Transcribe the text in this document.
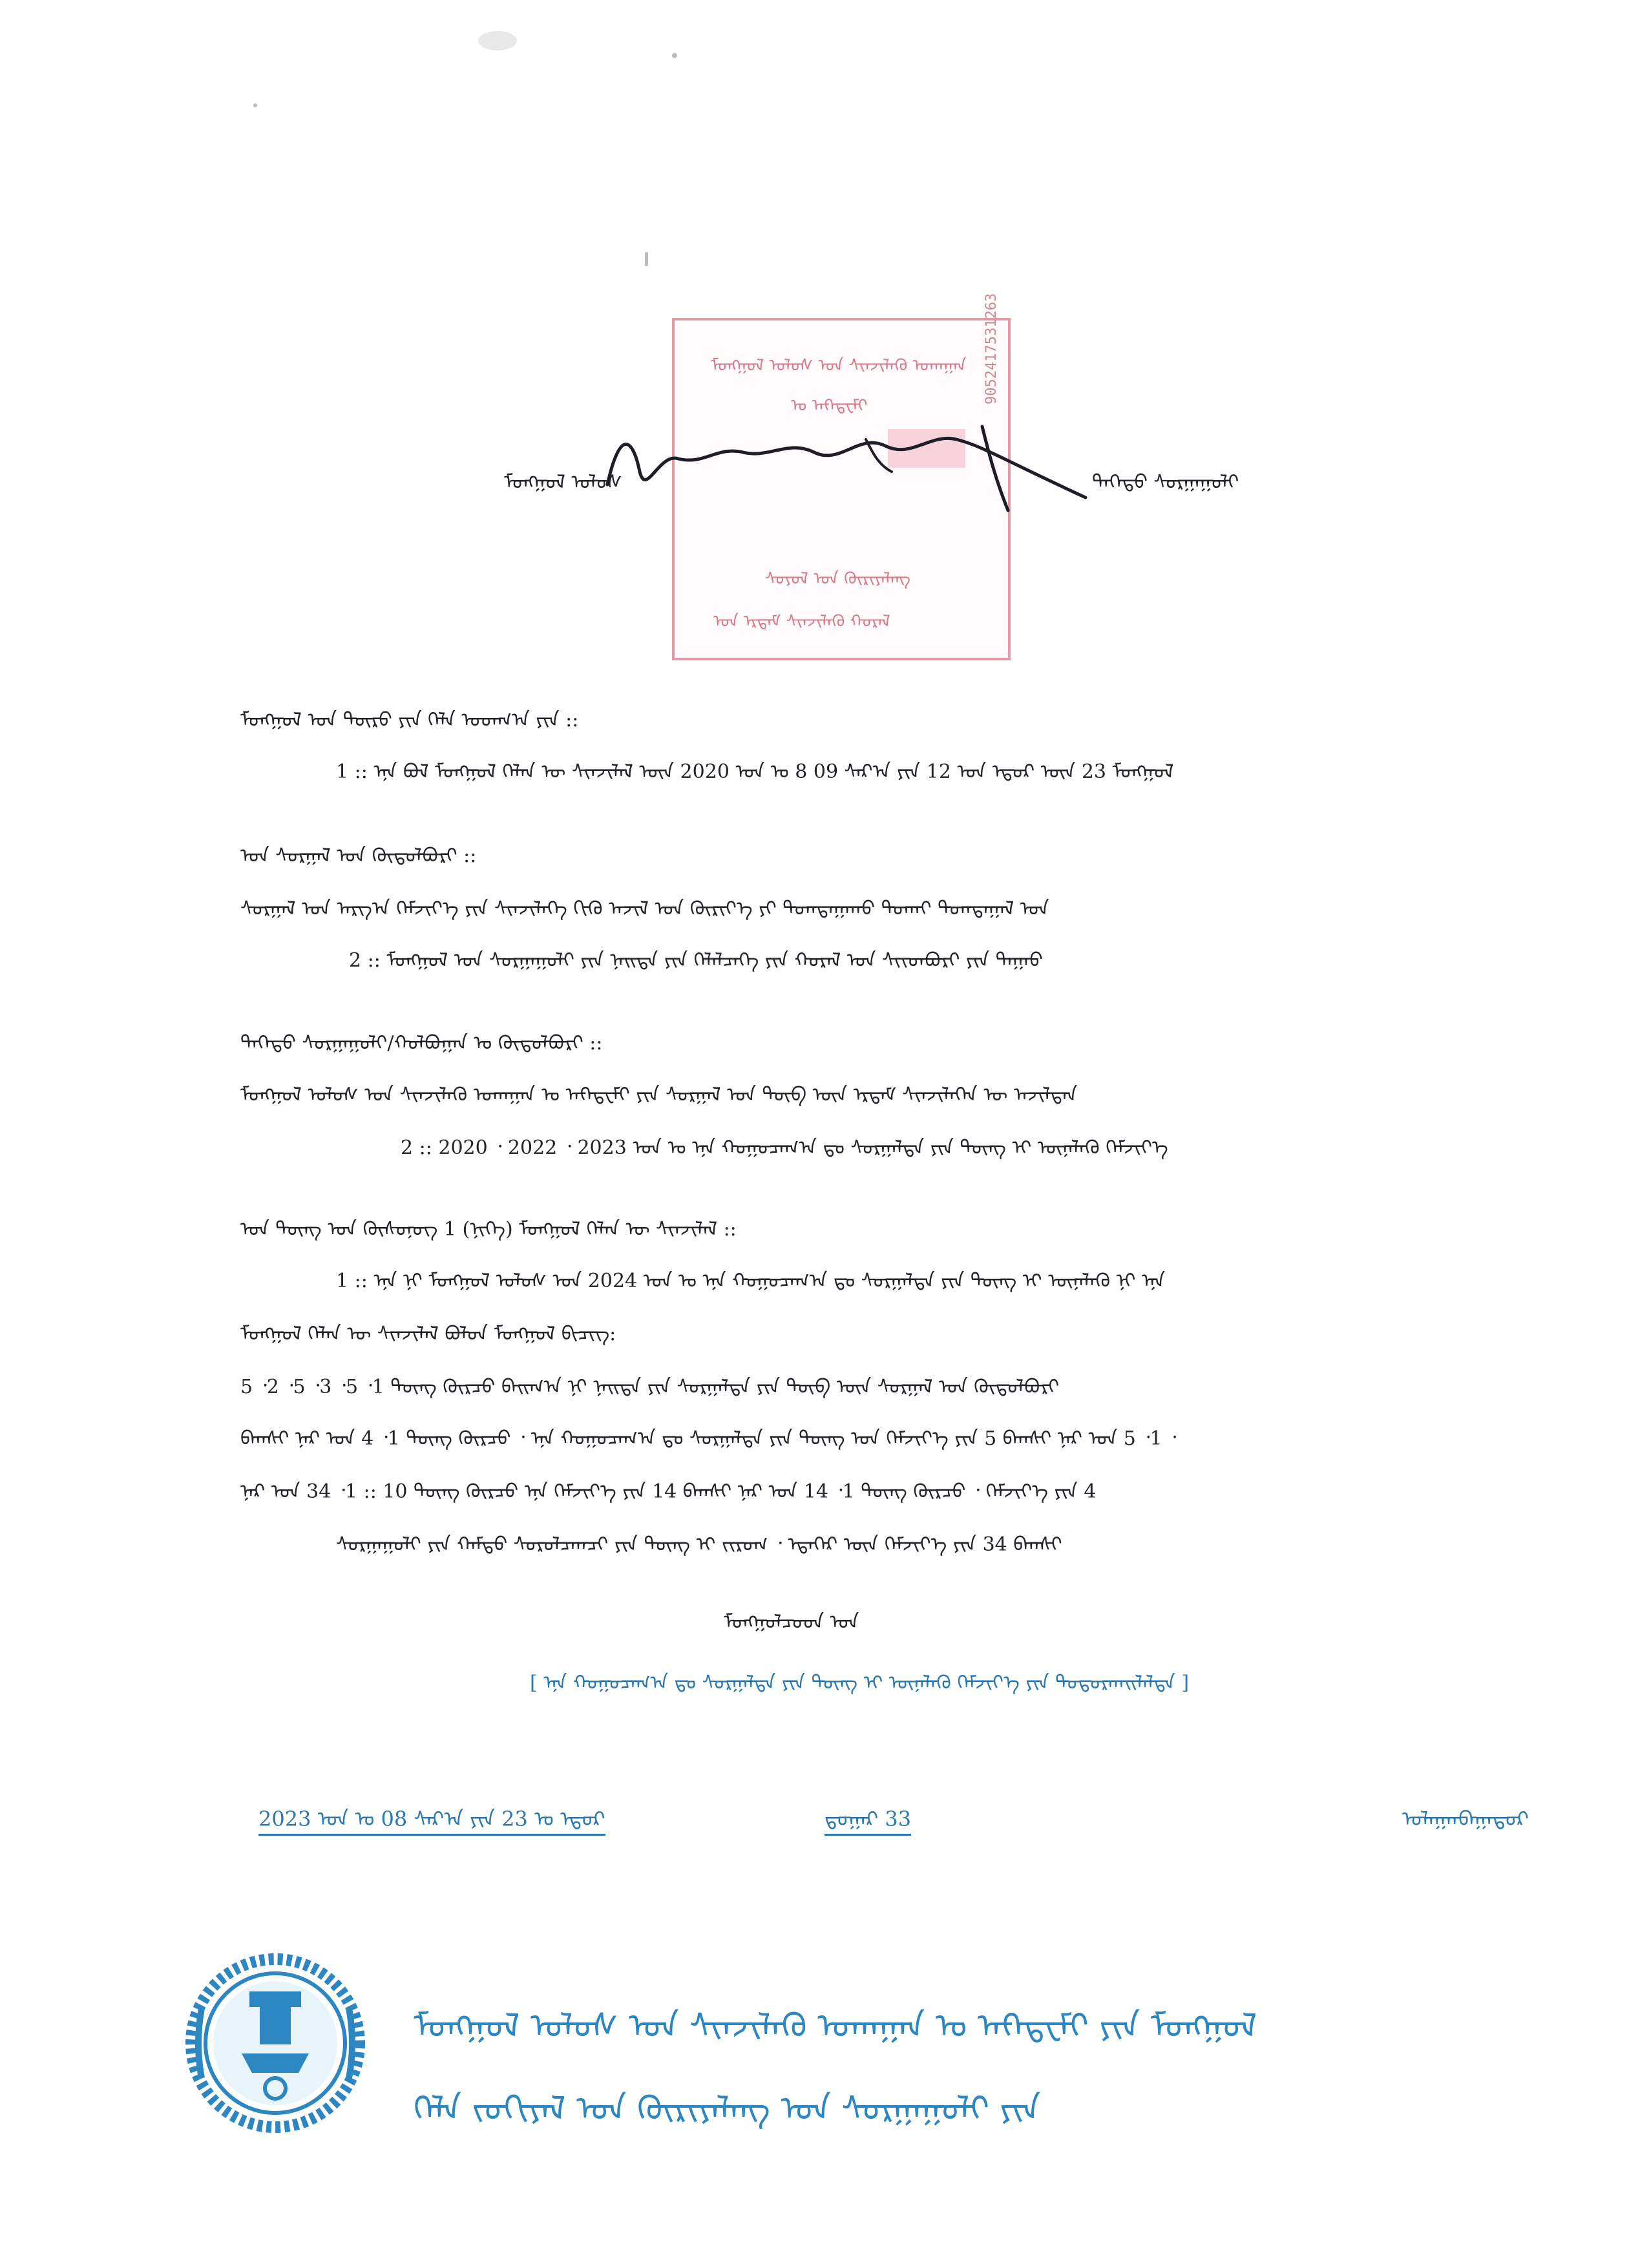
ᠮᠣᠩᠭᠣᠯ ᠤᠯᠤᠰ	ᠳᠡᠭᠡᠳᠦ ᠰᠤᠷᠭᠠᠭᠤᠯᠢ
ᠮᠣᠩᠭᠣᠯ ᠤᠯᠤᠰ ᠤᠨ ᠰᠢᠨᠵᠢᠯᠡᠬᠦ ᠤᠬᠠᠭᠠᠨ
ᠤ ᠠᠻᠠᠳ᠋ᠧᠮᠢ
ᠰᠣᠶᠣᠯ ᠤᠨ ᠬᠦᠷᠢᠶᠡᠯᠡᠩ
ᠤᠨ ᠡᠷᠳᠡᠮ ᠰᠢᠨᠵᠢᠯᠡᠬᠦ ᠬᠤᠷᠠᠯ
9052417531263
ᠮᠣᠩᠭᠣᠯ ᠤᠨ ᠲᠥᠷᠦ ᠶᠢᠨ ᠬᠡᠯᠡ ᠤᠳᠬ᠎ᠠ ᠶᠢᠨ ::
1 :: ᠡᠨᠡ ᠪᠣᠯ ᠮᠣᠩᠭᠣᠯ ᠬᠡᠯᠡᠨ ᠦ ᠰᠢᠨᠵᠢᠯᠡᠯ ᠦᠨ 2020 ᠣᠨ ᠤ 8 09 ᠰᠠᠷ᠎ᠠ ᠶᠢᠨ 12 ᠤᠨ ᠡᠳᠦᠷ ᠦᠨ 23 ᠮᠣᠩᠭᠣᠯ
ᠤᠨ ᠰᠤᠷᠭᠠᠯ ᠤᠨ ᠬᠥᠲᠦᠯᠪᠦᠷᠢ ::
ᠰᠤᠷᠭᠠᠯ ᠤᠨ ᠠᠷᠭ᠎ᠠ ᠬᠡᠮᠵᠢᠶ᠎ᠡ ᠶᠢᠨ ᠰᠢᠨᠵᠢᠯᠡᠭᠡ ᠬᠢᠬᠦ ᠠᠵᠢᠯ ᠤᠨ ᠬᠦᠷᠢᠶ᠎ᠡ ᠶᠢ ᠲᠣᠭᠲᠠᠭᠠᠬᠤ ᠲᠤᠬᠠᠢ ᠲᠣᠭᠲᠠᠭᠠᠯ ᠤᠨ
2 :: ᠮᠣᠩᠭᠣᠯ ᠤᠨ ᠰᠤᠷᠭᠠᠭᠤᠯᠢ ᠶᠢᠨ ᠨᠡᠢᠲᠡ ᠶᠢᠨ ᠬᠡᠯᠡᠯᠴᠡᠭᠡ ᠶᠢᠨ ᠬᠤᠷᠠᠯ ᠤᠨ ᠰᠢᠢᠳᠪᠦᠷᠢ ᠶᠢᠨ ᠳᠠᠭᠠᠤ
ᠳᠡᠭᠡᠳᠦ ᠰᠤᠷᠭᠠᠭᠤᠯᠢ/ᠬᠣᠯᠪᠣᠭᠠᠨ ᠤ ᠬᠥᠲᠦᠯᠪᠦᠷᠢ ::
ᠮᠣᠩᠭᠣᠯ ᠤᠯᠤᠰ ᠤᠨ ᠰᠢᠨᠵᠢᠯᠡᠬᠦ ᠤᠬᠠᠭᠠᠨ ᠤ ᠠᠻᠠᠳ᠋ᠧᠮᠢ ᠶᠢᠨ ᠰᠤᠷᠭᠠᠯ ᠤᠨ ᠲᠥᠪ ᠦᠨ ᠡᠷᠳᠡᠮ ᠰᠢᠨᠵᠢᠯᠡᠭᠡᠨ ᠦ ᠠᠵᠢᠯᠲᠠᠨ
2 :: 2020 ᠂ 2022 ᠂ 2023 ᠣᠨ ᠤ ᠡᠨᠡ ᠬᠤᠭᠤᠴᠠᠭ᠎ᠠ ᠳᠤ ᠰᠤᠷᠭᠠᠯᠲᠠ ᠶᠢᠨ ᠳᠦᠩ ᠢ ᠦᠨᠡᠯᠡᠬᠦ ᠬᠡᠮᠵᠢᠶ᠎ᠡ
ᠤᠨ ᠳᠦᠩ ᠤᠨ ᠬᠦᠰᠦᠨᠦᠭ 1 (ᠨᠢᠭᠡ) ᠮᠣᠩᠭᠣᠯ ᠬᠡᠯᠡᠨ ᠦ ᠰᠢᠨᠵᠢᠯᠡᠯ ::
1 :: ᠡᠨᠡ ᠨᠢ ᠮᠣᠩᠭᠣᠯ ᠤᠯᠤᠰ ᠤᠨ 2024 ᠣᠨ ᠤ ᠡᠨᠡ ᠬᠤᠭᠤᠴᠠᠭ᠎ᠠ ᠳᠤ ᠰᠤᠷᠭᠠᠯᠲᠠ ᠶᠢᠨ ᠳᠦᠩ ᠢ ᠦᠨᠡᠯᠡᠬᠦ ᠨᠢ ᠡᠨᠡ
ᠮᠣᠩᠭᠣᠯ ᠬᠡᠯᠡᠨ ᠦ ᠰᠢᠨᠵᠢᠯᠡᠯ ᠪᠣᠯᠤᠨ ᠮᠣᠩᠭᠣᠯ ᠪᠢᠴᠢᠭ:
5 ᠂2 ᠂5 ᠂3 ᠂5 ᠂1 ᠳᠦᠩ ᠬᠦᠷᠴᠦ ᠪᠠᠢᠭ᠎ᠠ ᠨᠢ ᠨᠡᠢᠲᠡ ᠶᠢᠨ ᠰᠤᠷᠭᠠᠯᠲᠠ ᠶᠢᠨ ᠲᠥᠪ ᠦᠨ ᠰᠤᠷᠭᠠᠯ ᠤᠨ ᠬᠥᠲᠦᠯᠪᠦᠷᠢ
ᠪᠠᠭᠰᠢ ᠨᠠᠷ ᠤᠨ 4 ᠂1 ᠳᠦᠩ ᠬᠦᠷᠴᠦ ᠂ ᠡᠨᠡ ᠬᠤᠭᠤᠴᠠᠭ᠎ᠠ ᠳᠤ ᠰᠤᠷᠭᠠᠯᠲᠠ ᠶᠢᠨ ᠳᠦᠩ ᠤᠨ ᠬᠡᠮᠵᠢᠶ᠎ᠡ ᠶᠢᠨ 5 ᠪᠠᠭᠰᠢ ᠨᠠᠷ ᠤᠨ 5 ᠂1 ᠂
ᠨᠠᠷ ᠤᠨ 34 ᠂1 :: 10 ᠳᠦᠩ ᠬᠦᠷᠴᠦ ᠡᠨᠡ ᠬᠡᠮᠵᠢᠶ᠎ᠡ ᠶᠢᠨ 14 ᠪᠠᠭᠰᠢ ᠨᠠᠷ ᠤᠨ 14 ᠂1 ᠳᠦᠩ ᠬᠦᠷᠴᠦ ᠂ ᠬᠡᠮᠵᠢᠶ᠎ᠡ ᠶᠢᠨ 4
ᠰᠤᠷᠭᠠᠭᠤᠯᠢ ᠶᠢᠨ ᠬᠠᠮᠲᠤ ᠰᠤᠷᠤᠯᠴᠠᠭᠴᠢ ᠶᠢᠨ ᠳᠦᠩ ᠢ ᠵᠢᠷᠤᠭ ᠂ ᠡᠳᠡᠭᠡᠷ ᠦᠨ ᠬᠡᠮᠵᠢᠶ᠎ᠡ ᠶᠢᠨ 34 ᠪᠠᠭᠰᠢ
ᠮᠣᠩᠭᠣᠯᠴᠤᠳ ᠤᠨ
[ ᠡᠨᠡ ᠬᠤᠭᠤᠴᠠᠭ᠎ᠠ ᠳᠤ ᠰᠤᠷᠭᠠᠯᠲᠠ ᠶᠢᠨ ᠳᠦᠩ ᠢ ᠦᠨᠡᠯᠡᠬᠦ ᠬᠡᠮᠵᠢᠶ᠎ᠡ ᠶᠢᠨ ᠲᠣᠳᠣᠷᠬᠠᠢᠯᠠᠯᠲᠠ ]
2023 ᠣᠨ ᠤ 08 ᠰᠠᠷ᠎ᠠ ᠶᠢᠨ 23 ᠤ ᠡᠳᠦᠷ	ᠳ᠋ᠤᠭᠠᠷ 33	ᠤᠯᠠᠭᠠᠨᠪᠠᠭᠠᠲᠤᠷ
ᠮᠣᠩᠭᠣᠯ ᠤᠯᠤᠰ ᠤᠨ ᠰᠢᠨᠵᠢᠯᠡᠬᠦ ᠤᠬᠠᠭᠠᠨ ᠤ ᠠᠻᠠᠳ᠋ᠧᠮᠢ ᠶᠢᠨ ᠮᠣᠩᠭᠣᠯ
ᠬᠡᠯᠡ ᠵᠣᠬᠢᠶᠠᠯ ᠤᠨ ᠬᠦᠷᠢᠶᠡᠯᠡᠩ ᠤᠨ ᠰᠤᠷᠭᠠᠭᠤᠯᠢ ᠶᠢᠨ
